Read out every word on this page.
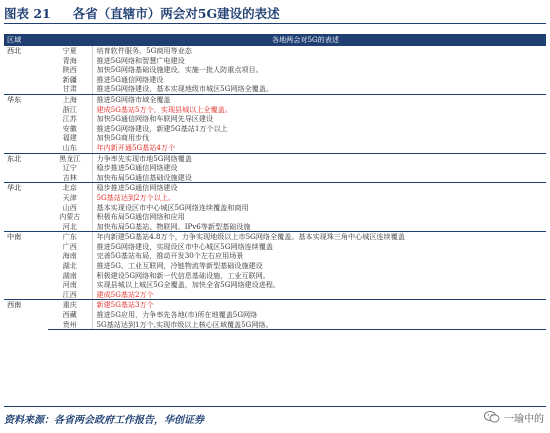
图表 21 各省（直辖市）两会对5G建设的表述
区域		各地两会对5G的表述
西北	宁夏	培育软件服务、5G商用等业态
	青海	推进5G网络和智慧广电建设
	陕西	加快5G网络基础设施建设，实施一批人防重点项目。
	新疆	推进5G通信网络建设
	甘肃	推进5G网络建设，基本实现地级市城区5G网络全覆盖。
华东	上海	推进5G网络市域全覆盖
	浙江	建成5G基站5万个，实现县城以上全覆盖。
	江苏	加快5G通信网络和车联网先导区建设
	安徽	推进5G网络建设，新建5G基站1万个以上
	福建	加快5G商用步伐
	山东	年内新开通5G基站4万个
东北	黑龙江	力争率先实现市地5G网络覆盖
	辽宁	稳步推进5G通信网络建设
	吉林	加快布局5G通信基础设施建设
华北	北京	稳步推进5G通信网络建设
	天津	5G基站达到2万个以上。
	山西	基本实现设区市中心城区5G网络连续覆盖和商用
	内蒙古	积极布局5G通信网络和应用
	河北	加快布局5G基站、物联网、IPv6等新型基础设施
中南	广东	年内新建5G基站4.8万个，力争实现地级以上市5G网络全覆盖。基本实现珠三角中心城区连续覆盖
	广西	推进5G网络建设，实现设区市中心城区5G网络连续覆盖
	海南	完善5G基站布局，推动开发30个左右应用场景
	湖北	推进5G、工业互联网，冷链物流等新型基础设施建设
	湖南	积极建设5G网络和新一代信息基础设施，工业互联网。
	河南	实现县城以上城区5G全覆盖，加快全省5G网络建设进程。
	江西	建成5G基站2万个
西南	重庆	新建5G基站3万个
	西藏	推进5G应用，力争率先各地(市)所在地覆盖5G网络
	贵州	5G基站达到1万个,实现市级以上核心区域覆盖5G网络。
资料来源：各省两会政府工作报告，华创证券	一瑜中的
